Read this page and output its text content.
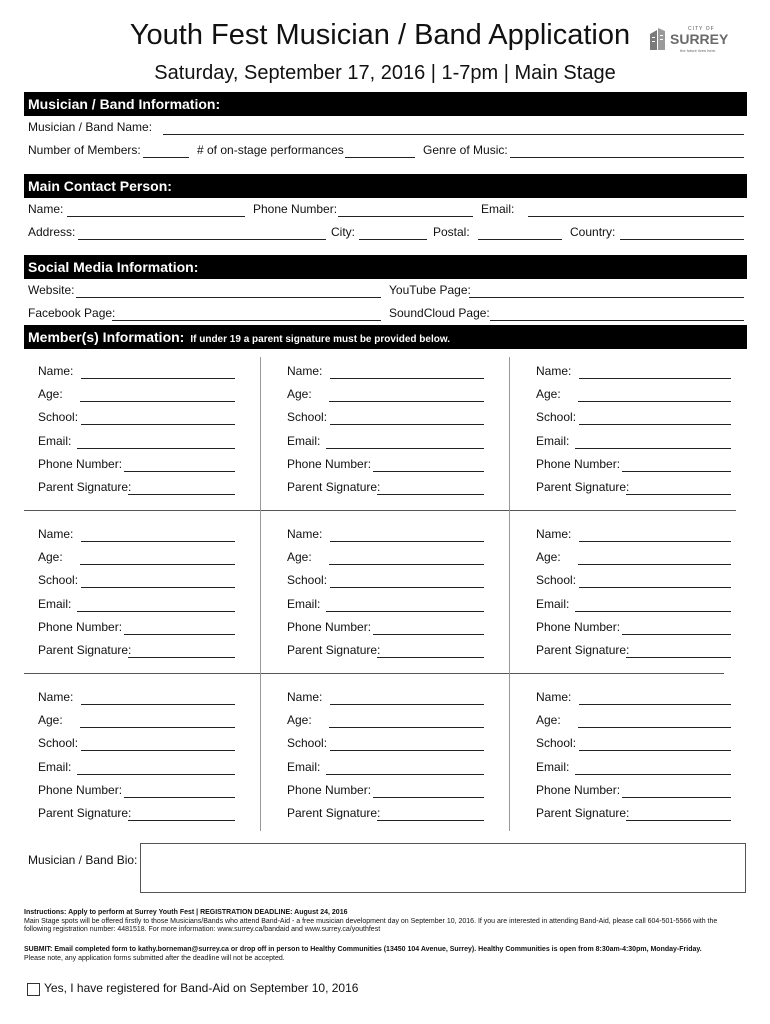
Youth Fest Musician / Band Application
Saturday, September 17, 2016 | 1-7pm | Main Stage
CITY OF
SURREY
the future lives here.
Musician / Band Information:
Musician / Band Name:
Number of Members:	# of on-stage performances	Genre of Music:
Main Contact Person:
Name:	Phone Number:	Email:
Address:	City:	Postal:	Country:
Social Media Information:
Website:	YouTube Page:
Facebook Page:	SoundCloud Page:
Member(s) Information: If under 19 a parent signature must be provided below.
Name:
Age:
School:
Email:
Phone Number:
Parent Signature:
Name:
Age:
School:
Email:
Phone Number:
Parent Signature:
Name:
Age:
School:
Email:
Phone Number:
Parent Signature:
Name:
Age:
School:
Email:
Phone Number:
Parent Signature:
Name:
Age:
School:
Email:
Phone Number:
Parent Signature:
Name:
Age:
School:
Email:
Phone Number:
Parent Signature:
Name:
Age:
School:
Email:
Phone Number:
Parent Signature:
Name:
Age:
School:
Email:
Phone Number:
Parent Signature:
Name:
Age:
School:
Email:
Phone Number:
Parent Signature:
Musician / Band Bio:
Instructions: Apply to perform at Surrey Youth Fest | REGISTRATION DEADLINE: August 24, 2016
Main Stage spots will be offered firstly to those Musicians/Bands who attend Band-Aid - a free musician development day on September 10, 2016. If you are interested in attending Band-Aid, please call 604-501-5566 with the
following registration number: 4481518. For more information: www.surrey.ca/bandaid and www.surrey.ca/youthfest
SUBMIT: Email completed form to kathy.borneman@surrey.ca or drop off in person to Healthy Communities (13450 104 Avenue, Surrey). Healthy Communities is open from 8:30am-4:30pm, Monday-Friday.
Please note, any application forms submitted after the deadline will not be accepted.
Yes, I have registered for Band-Aid on September 10, 2016
